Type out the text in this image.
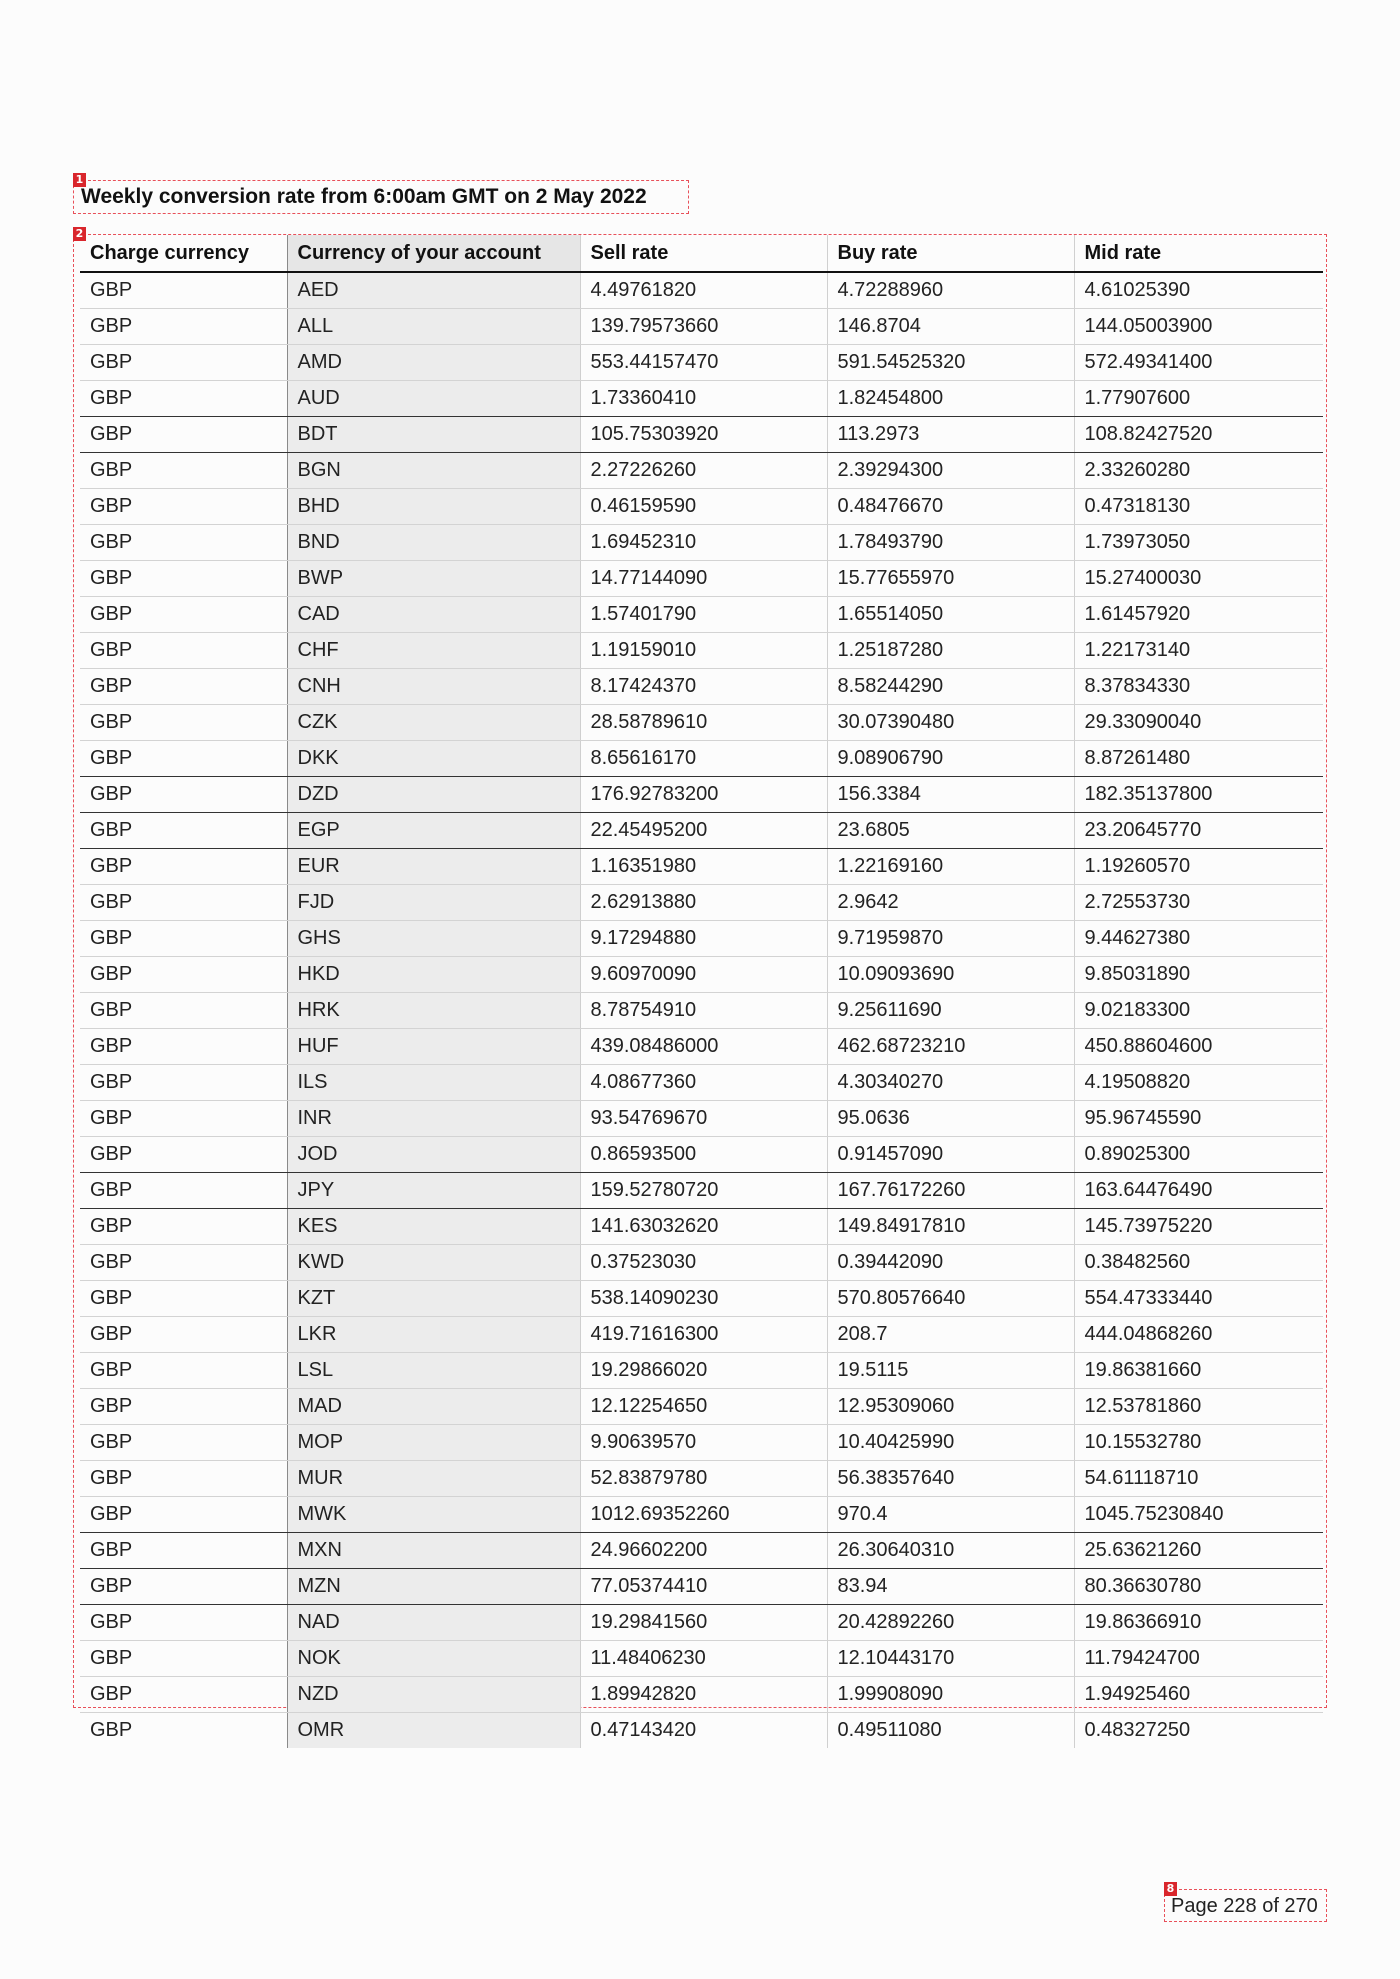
1
Weekly conversion rate from 6:00am GMT on 2 May 2022
2
Charge currency	Currency of your account	Sell rate	Buy rate	Mid rate
GBP	AED	4.49761820	4.72288960	4.61025390
GBP	ALL	139.79573660	146.8704	144.05003900
GBP	AMD	553.44157470	591.54525320	572.49341400
GBP	AUD	1.73360410	1.82454800	1.77907600
GBP	BDT	105.75303920	113.2973	108.82427520
GBP	BGN	2.27226260	2.39294300	2.33260280
GBP	BHD	0.46159590	0.48476670	0.47318130
GBP	BND	1.69452310	1.78493790	1.73973050
GBP	BWP	14.77144090	15.77655970	15.27400030
GBP	CAD	1.57401790	1.65514050	1.61457920
GBP	CHF	1.19159010	1.25187280	1.22173140
GBP	CNH	8.17424370	8.58244290	8.37834330
GBP	CZK	28.58789610	30.07390480	29.33090040
GBP	DKK	8.65616170	9.08906790	8.87261480
GBP	DZD	176.92783200	156.3384	182.35137800
GBP	EGP	22.45495200	23.6805	23.20645770
GBP	EUR	1.16351980	1.22169160	1.19260570
GBP	FJD	2.62913880	2.9642	2.72553730
GBP	GHS	9.17294880	9.71959870	9.44627380
GBP	HKD	9.60970090	10.09093690	9.85031890
GBP	HRK	8.78754910	9.25611690	9.02183300
GBP	HUF	439.08486000	462.68723210	450.88604600
GBP	ILS	4.08677360	4.30340270	4.19508820
GBP	INR	93.54769670	95.0636	95.96745590
GBP	JOD	0.86593500	0.91457090	0.89025300
GBP	JPY	159.52780720	167.76172260	163.64476490
GBP	KES	141.63032620	149.84917810	145.73975220
GBP	KWD	0.37523030	0.39442090	0.38482560
GBP	KZT	538.14090230	570.80576640	554.47333440
GBP	LKR	419.71616300	208.7	444.04868260
GBP	LSL	19.29866020	19.5115	19.86381660
GBP	MAD	12.12254650	12.95309060	12.53781860
GBP	MOP	9.90639570	10.40425990	10.15532780
GBP	MUR	52.83879780	56.38357640	54.61118710
GBP	MWK	1012.69352260	970.4	1045.75230840
GBP	MXN	24.96602200	26.30640310	25.63621260
GBP	MZN	77.05374410	83.94	80.36630780
GBP	NAD	19.29841560	20.42892260	19.86366910
GBP	NOK	11.48406230	12.10443170	11.79424700
GBP	NZD	1.89942820	1.99908090	1.94925460
GBP	OMR	0.47143420	0.49511080	0.48327250
8
Page 228 of 270
